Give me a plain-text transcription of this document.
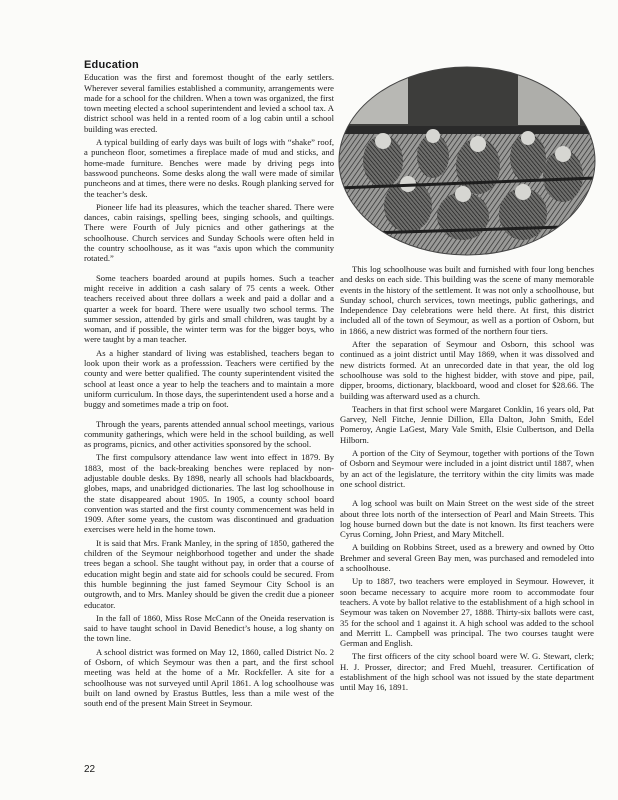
Education

Education was the first and foremost thought of the early settlers. Wherever several families established a community, arrangements were made for a school for the children. When a town was organized, the first town meeting elected a school superintendent and levied a school tax. A district school was held in a rented room of a log cabin until a school building was erected.

A typical building of early days was built of logs with “shake” roof, a puncheon floor, sometimes a fireplace made of mud and sticks, and home-made furniture. Benches were made by driving pegs into basswood puncheons. Some desks along the wall were made of similar puncheons and at times, there were no desks. Rough planking served for the teacher’s desk.

Pioneer life had its pleasures, which the teacher shared. There were dances, cabin raisings, spelling bees, singing schools, and quiltings. There were Fourth of July picnics and other gatherings at the schoolhouse. Church services and Sunday Schools were often held in the country schoolhouse, as it was “axis upon which the community rotated.”

Some teachers boarded around at pupils homes. Such a teacher might receive in addition a cash salary of 75 cents a week. Other teachers received about three dollars a week and paid a dollar and a quarter a week for board. There were usually two school terms. The summer session, attended by girls and small children, was taught by a woman, and if possible, the winter term was for the bigger boys, who were taught by a man teacher.

As a higher standard of living was established, teachers began to look upon their work as a professsion. Teachers were certified by the county and were better qualified. The county superintendent visited the school at least once a year to help the teachers and to maintain a more uniform curriculum. In those days, the superintendent used a horse and a buggy and sometimes made a trip on foot.

Through the years, parents attended annual school meetings, various community gatherings, which were held in the school building, as well as programs, picnics, and other activities sponsored by the school.

The first compulsory attendance law went into effect in 1879. By 1883, most of the back-breaking benches were replaced by non-adjustable double desks. By 1898, nearly all schools had blackboards, globes, maps, and unabridged dictionaries. The last log schoolhouse in the state disappeared about 1905. In 1905, a county school board convention was started and the first county commencement was held in 1909. After some years, the custom was discontinued and graduation exercises were held in the home town.

It is said that Mrs. Frank Manley, in the spring of 1850, gathered the children of the Seymour neighborhood together and under the shade trees began a school. She taught without pay, in order that a course of education might begin and state aid for schools could be secured. From this humble beginning the just famed Seymour City School is an outgrowth, and to Mrs. Manley should be given the credit due a pioneer educator.

In the fall of 1860, Miss Rose McCann of the Oneida reservation is said to have taught school in David Benedict’s house, a log shanty on the town line.

A school district was formed on May 12, 1860, called District No. 2 of Osborn, of which Seymour was then a part, and the first school meeting was held at the home of a Mr. Rockfeller. A site for a schoolhouse was not surveyed until April 1861. A log schoolhouse was built on land owned by Erastus Buttles, less than a mile west of the south end of the present Main Street in Seymour.

This log schoolhouse was built and furnished with four long benches and desks on each side. This building was the scene of many memorable events in the history of the settlement. It was not only a schoolhouse, but Sunday school, church services, town meetings, public gatherings, and Independence Day celebrations were held there. At first, this district included all of the town of Seymour, as well as a portion of Osborn, but in 1866, a new district was formed of the northern four tiers.

After the separation of Seymour and Osborn, this school was continued as a joint district until May 1869, when it was dissolved and new districts formed. At an unrecorded date in that year, the old log schoolhouse was sold to the highest bidder, with stove and pipe, pail, dipper, brooms, dictionary, blackboard, wood and closet for $28.66. The building was afterward used as a church.

Teachers in that first school were Margaret Conklin, 16 years old, Pat Garvey, Nell Fitche, Jennie Dillion, Ella Dalton, John Smith, Edel Pomeroy, Angie LaGest, Mary Vale Smith, Elsie Culbertson, and Della Hilborn.

A portion of the City of Seymour, together with portions of the Town of Osborn and Seymour were included in a joint district until 1887, when by an act of the legislature, the territory within the city limits was made one school district.

A log school was built on Main Street on the west side of the street about three lots north of the intersection of Pearl and Main Streets. This log house burned down but the date is not known. Its first teachers were Cyrus Corning, John Priest, and Mary Mitchell.

A building on Robbins Street, used as a brewery and owned by Otto Brehmer and several Green Bay men, was purchased and remodeled into a schoolhouse.

Up to 1887, two teachers were employed in Seymour. However, it soon became necessary to acquire more room to accommodate four teachers. A vote by ballot relative to the establishment of a high school in Seymour was taken on November 27, 1888. Thirty-six ballots were cast, 35 for the school and 1 against it. A high school was added to the school and Merritt L. Campbell was principal. The two courses taught were German and English.

The first officers of the city school board were W. G. Stewart, clerk; H. J. Prosser, director; and Fred Muehl, treasurer. Certification of establishment of the high school was not issued by the state department until May 16, 1891.

22
